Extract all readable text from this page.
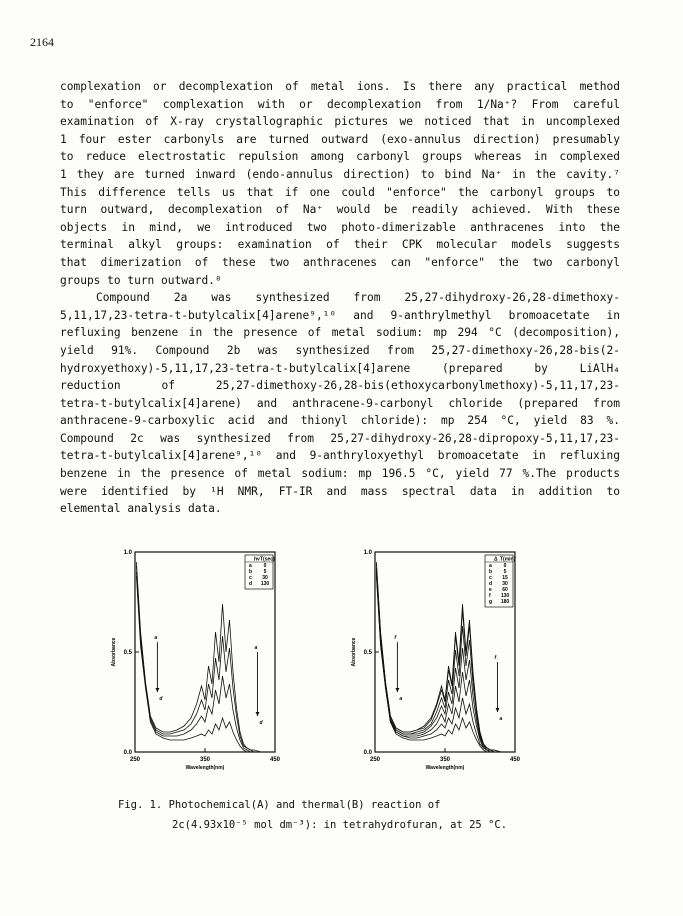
2164
complexation or decomplexation of metal ions. Is there any practical method
to "enforce" complexation with or decomplexation from 1/Na⁺? From careful
examination of X-ray crystallographic pictures we noticed that in uncomplexed
1 four ester carbonyls are turned outward (exo-annulus direction) presumably
to reduce electrostatic repulsion among carbonyl groups whereas in complexed
1 they are turned inward (endo-annulus direction) to bind Na⁺ in the cavity.⁷
This difference tells us that if one could "enforce" the carbonyl groups to
turn outward, decomplexation of Na⁺ would be readily achieved. With these
objects in mind, we introduced two photo-dimerizable anthracenes into the
terminal alkyl groups: examination of their CPK molecular models suggests
that dimerization of these two anthracenes can "enforce" the two carbonyl
groups to turn outward.⁸
Compound 2a was synthesized from 25,27-dihydroxy-26,28-dimethoxy-
5,11,17,23-tetra-t-butylcalix[4]arene⁹,¹⁰ and 9-anthrylmethyl bromoacetate in
refluxing benzene in the presence of metal sodium: mp 294 °C (decomposition),
yield 91%. Compound 2b was synthesized from 25,27-dimethoxy-26,28-bis(2-
hydroxyethoxy)-5,11,17,23-tetra-t-butylcalix[4]arene (prepared by LiAlH₄
reduction of 25,27-dimethoxy-26,28-bis(ethoxycarbonylmethoxy)-5,11,17,23-
tetra-t-butylcalix[4]arene) and anthracene-9-carbonyl chloride (prepared from
anthracene-9-carboxylic acid and thionyl chloride): mp 254 °C, yield 83 %.
Compound 2c was synthesized from 25,27-dihydroxy-26,28-dipropoxy-5,11,17,23-
tetra-t-butylcalix[4]arene⁹,¹⁰ and 9-anthryloxyethyl bromoacetate in refluxing
benzene in the presence of metal sodium: mp 196.5 °C, yield 77 %.The products
were identified by ¹H NMR, FT-IR and mass spectral data in addition to
elemental analysis data.
0.0
0.5
1.0
250	350	450
Wavelength(nm)
Absorbance	a
d
a
d
hν T(sec)
a 0
b 5
c 30
d 130
0.0
0.5
1.0
250	350	450
Wavelength(nm)
Absorbance	f
a
f
a
Δ T(min)
a 0
b 5
c 15
d 30
e 60
f 130
g 180
Fig. 1. Photochemical(A) and thermal(B) reaction of
2c(4.93x10⁻⁵ mol dm⁻³): in tetrahydrofuran, at 25 °C.
